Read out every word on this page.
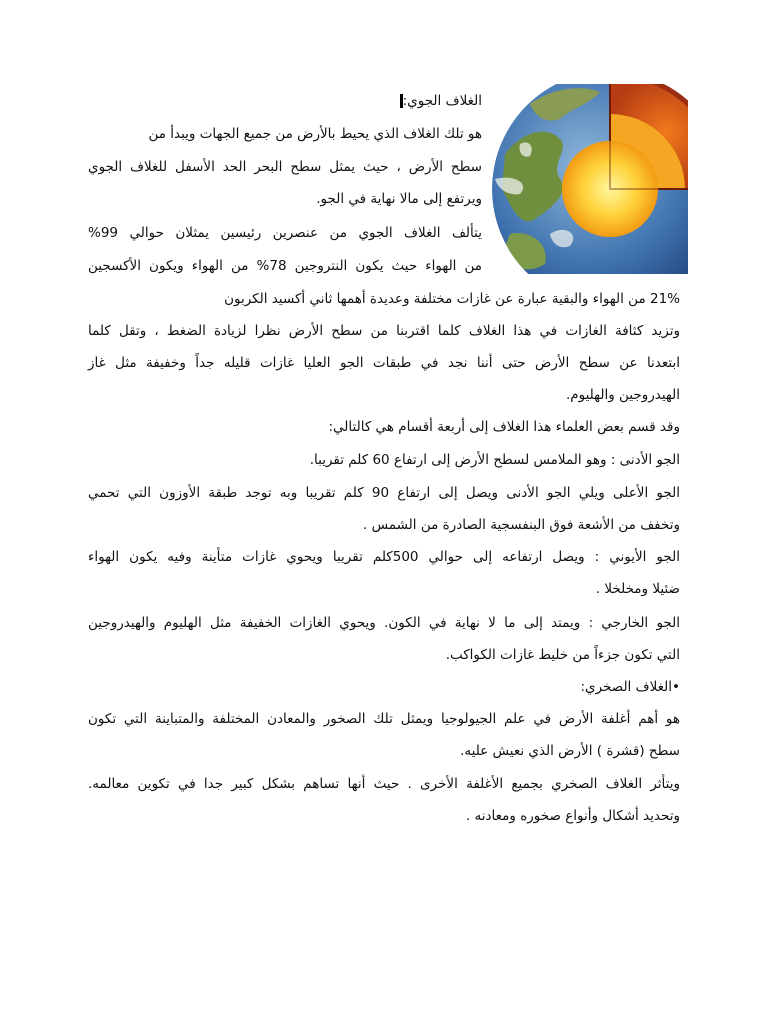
الغلاف الجوي:
هو تلك الغلاف الذي يحيط بالأرض من جميع الجهات ويبدأ من
سطح الأرض ، حيث يمثل سطح البحر الحد الأسفل للغلاف الجوي
ويرتفع إلى مالا نهاية في الجو.
يتألف الغلاف الجوي من عنصرين رئيسين يمثلان حوالي 99%
من الهواء حيث يكون النتروجين 78% من الهواء ويكون الأكسجين
21% من الهواء والبقية عبارة عن غازات مختلفة وعديدة أهمها ثاني أكسيد الكربون
وتزيد كثافة الغازات في هذا الغلاف كلما اقتربنا من سطح الأرض نظرا لزيادة الضغط ، وتقل كلما
ابتعدنا عن سطح الأرض حتى أننا نجد في طبقات الجو العليا غازات قليله جداً وخفيفة مثل غاز
الهيدروجين والهليوم.
وقد قسم بعض العلماء هذا الغلاف إلى أربعة أقسام هي كالتالي:
الجو الأدنى : وهو الملامس لسطح الأرض إلى ارتفاع 60 كلم تقريبا.
الجو الأعلى ويلي الجو الأدنى ويصل إلى ارتفاع 90 كلم تقريبا وبه توجد طبقة الأوزون التي تحمي
وتخفف من الأشعة فوق البنفسجية الصادرة من الشمس .
الجو الأيوني : ويصل ارتفاعه إلى حوالي 500كلم تقريبا ويحوي غازات متأينة وفيه يكون الهواء
ضئيلا ومخلخلا .
الجو الخارجي : ويمتد إلى ما لا نهاية في الكون. ويحوي الغازات الخفيفة مثل الهليوم والهيدروجين
التي تكون جزءاً من خليط غازات الكواكب.
• الغلاف الصخري:
هو أهم أغلفة الأرض في علم الجيولوجيا ويمثل تلك الصخور والمعادن المختلفة والمتباينة التي تكون
سطح (قشرة ) الأرض الذي نعيش عليه.
ويتأثر الغلاف الصخري بجميع الأغلفة الأخرى . حيث أنها تساهم بشكل كبير جدا في تكوين معالمه.
وتحديد أشكال وأنواع صخوره ومعادنه .
